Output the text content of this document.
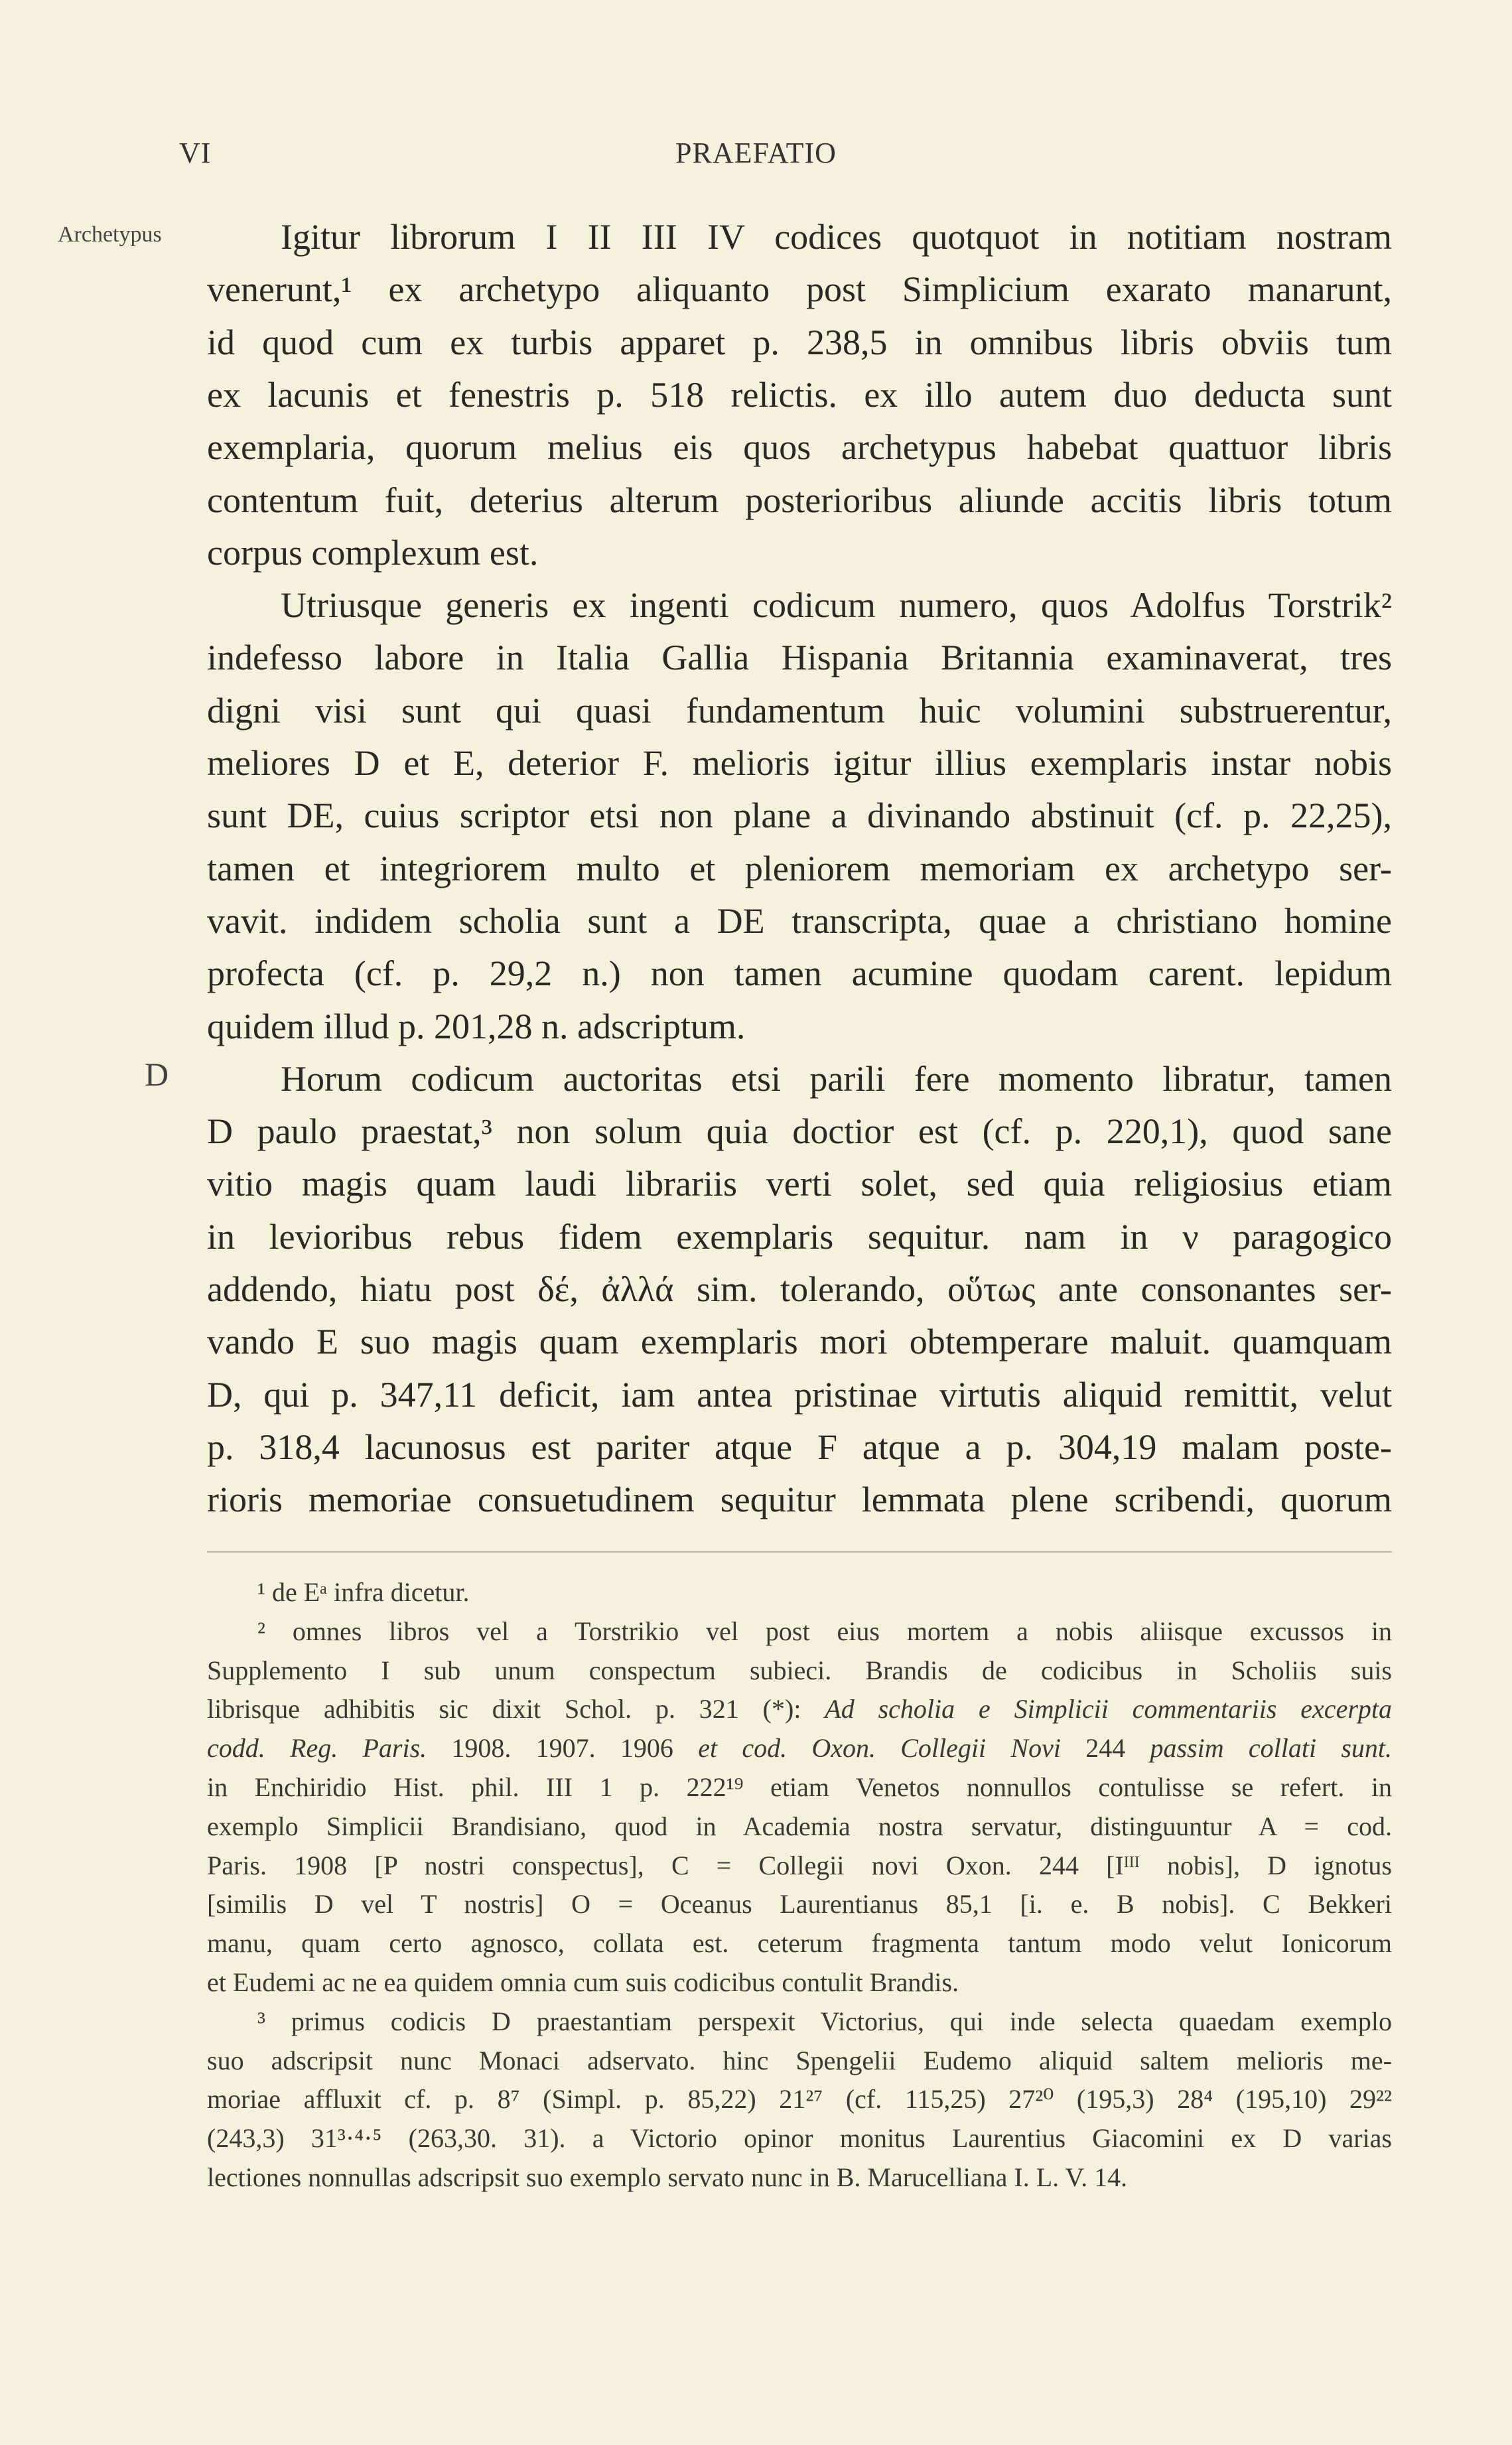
VI	PRAEFATIO
Archetypus
D
Igitur librorum I II III IV codices quotquot in notitiam nostram
venerunt,¹ ex archetypo aliquanto post Simplicium exarato manarunt,
id quod cum ex turbis apparet p. 238,5 in omnibus libris obviis tum
ex lacunis et fenestris p. 518 relictis. ex illo autem duo deducta sunt
exemplaria, quorum melius eis quos archetypus habebat quattuor libris
contentum fuit, deterius alterum posterioribus aliunde accitis libris totum
corpus complexum est.
Utriusque generis ex ingenti codicum numero, quos Adolfus Torstrik²
indefesso labore in Italia Gallia Hispania Britannia examinaverat, tres
digni visi sunt qui quasi fundamentum huic volumini substruerentur,
meliores D et E, deterior F. melioris igitur illius exemplaris instar nobis
sunt DE, cuius scriptor etsi non plane a divinando abstinuit (cf. p. 22,25),
tamen et integriorem multo et pleniorem memoriam ex archetypo ser-
vavit. indidem scholia sunt a DE transcripta, quae a christiano homine
profecta (cf. p. 29,2 n.) non tamen acumine quodam carent. lepidum
quidem illud p. 201,28 n. adscriptum.
Horum codicum auctoritas etsi parili fere momento libratur, tamen
D paulo praestat,³ non solum quia doctior est (cf. p. 220,1), quod sane
vitio magis quam laudi librariis verti solet, sed quia religiosius etiam
in levioribus rebus fidem exemplaris sequitur. nam in ν paragogico
addendo, hiatu post δέ, ἀλλά sim. tolerando, οὕτως ante consonantes ser-
vando E suo magis quam exemplaris mori obtemperare maluit. quamquam
D, qui p. 347,11 deficit, iam antea pristinae virtutis aliquid remittit, velut
p. 318,4 lacunosus est pariter atque F atque a p. 304,19 malam poste-
rioris memoriae consuetudinem sequitur lemmata plene scribendi, quorum
¹ de Eᵃ infra dicetur.
² omnes libros vel a Torstrikio vel post eius mortem a nobis aliisque excussos in
Supplemento I sub unum conspectum subieci. Brandis de codicibus in Scholiis suis
librisque adhibitis sic dixit Schol. p. 321 (*): Ad scholia e Simplicii commentariis excerpta
codd. Reg. Paris. 1908. 1907. 1906 et cod. Oxon. Collegii Novi 244 passim collati sunt.
in Enchiridio Hist. phil. III 1 p. 222¹⁹ etiam Venetos nonnullos contulisse se refert. in
exemplo Simplicii Brandisiano, quod in Academia nostra servatur, distinguuntur A = cod.
Paris. 1908 [P nostri conspectus], C = Collegii novi Oxon. 244 [Iᴵᴵᴵ nobis], D ignotus
[similis D vel T nostris] O = Oceanus Laurentianus 85,1 [i. e. B nobis]. C Bekkeri
manu, quam certo agnosco, collata est. ceterum fragmenta tantum modo velut Ionicorum
et Eudemi ac ne ea quidem omnia cum suis codicibus contulit Brandis.
³ primus codicis D praestantiam perspexit Victorius, qui inde selecta quaedam exemplo
suo adscripsit nunc Monaci adservato. hinc Spengelii Eudemo aliquid saltem melioris me-
moriae affluxit cf. p. 8⁷ (Simpl. p. 85,22) 21²⁷ (cf. 115,25) 27²⁰ (195,3) 28⁴ (195,10) 29²²
(243,3) 31³·⁴·⁵ (263,30. 31). a Victorio opinor monitus Laurentius Giacomini ex D varias
lectiones nonnullas adscripsit suo exemplo servato nunc in B. Marucelliana I. L. V. 14.
